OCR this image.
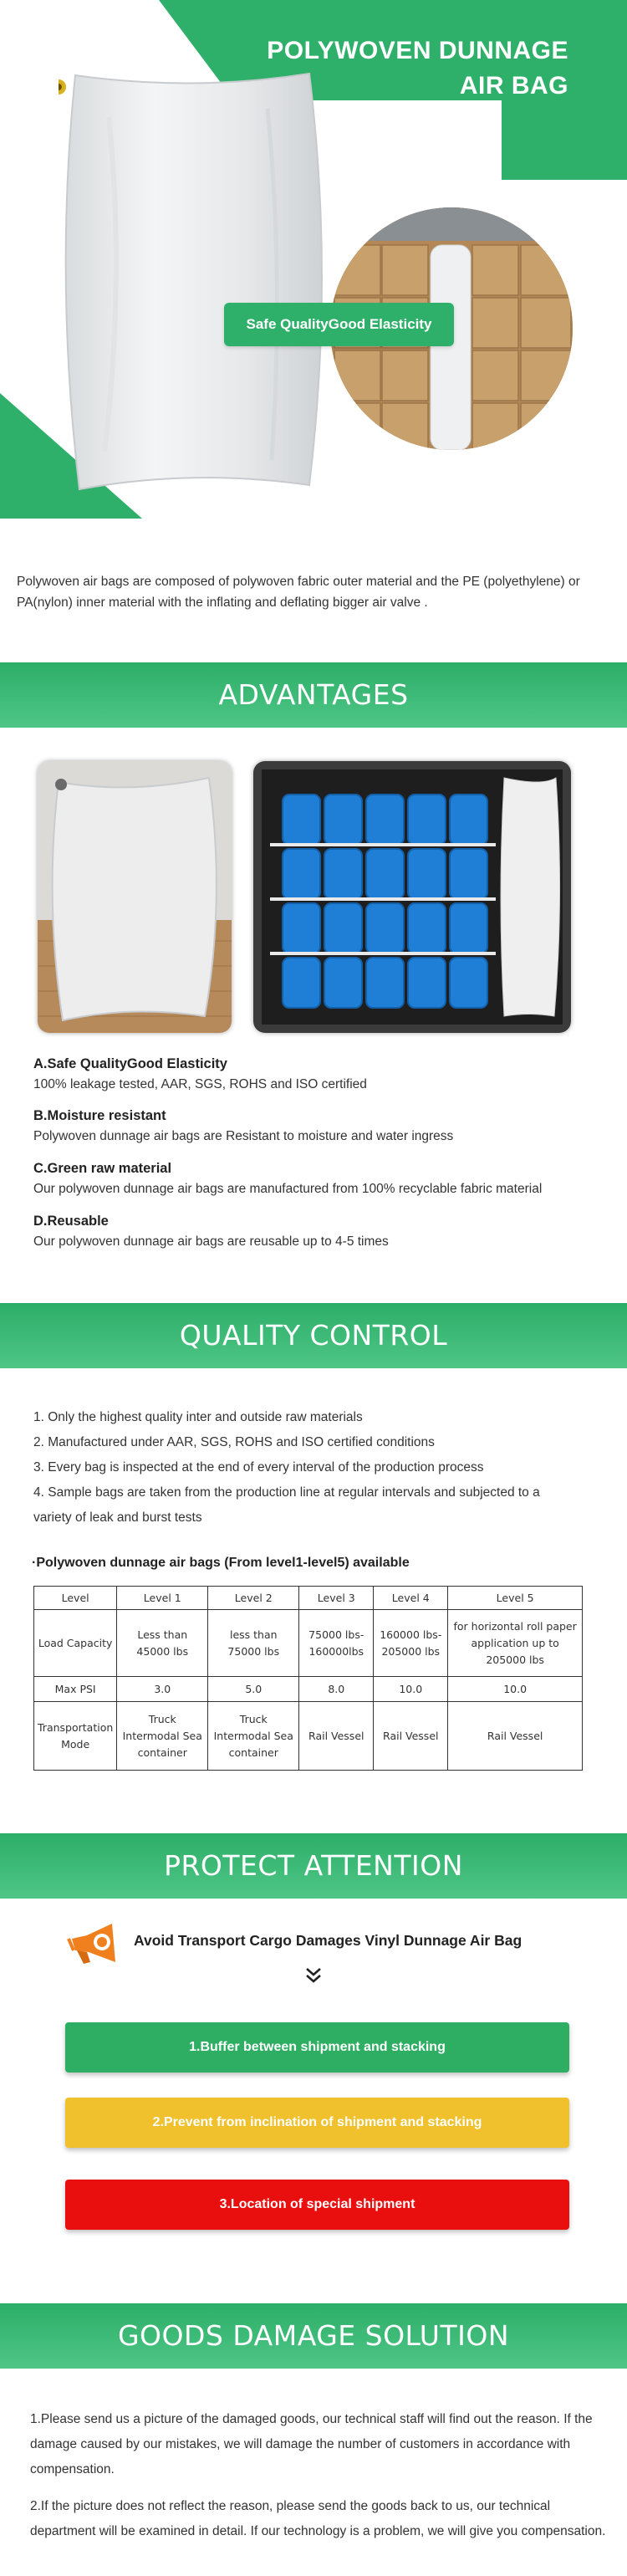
POLYWOVEN DUNNAGE
AIR BAG
Safe QualityGood Elasticity
Polywoven air bags are composed of polywoven fabric outer material and the PE (polyethylene) or PA(nylon) inner material with the inflating and deflating bigger air valve .
ADVANTAGES
A.Safe QualityGood Elasticity
100% leakage tested, AAR, SGS, ROHS and ISO certified
B.Moisture resistant
Polywoven dunnage air bags are Resistant to moisture and water ingress
C.Green raw material
Our polywoven dunnage air bags are manufactured from 100% recyclable fabric material
D.Reusable
Our polywoven dunnage air bags are reusable up to 4-5 times
QUALITY CONTROL
1. Only the highest quality inter and outside raw materials
2. Manufactured under AAR, SGS, ROHS and ISO certified conditions
3. Every bag is inspected at the end of every interval of the production process
4. Sample bags are taken from the production line at regular intervals and subjected to a variety of leak and burst tests
·Polywoven dunnage air bags (From level1-level5) available
Level	Level 1	Level 2	Level 3	Level 4	Level 5
Load Capacity	Less than 45000 lbs	less than 75000 lbs	75000 lbs-160000lbs	160000 lbs-205000 lbs	for horizontal roll paper application up to 205000 lbs
Max PSI	3.0	5.0	8.0	10.0	10.0
Transportation Mode	Truck Intermodal Sea container	Truck Intermodal Sea container	Rail Vessel	Rail Vessel	Rail Vessel
PROTECT ATTENTION
Avoid Transport Cargo Damages Vinyl Dunnage Air Bag
1.Buffer between shipment and stacking
2.Prevent from inclination of shipment and stacking
3.Location of special shipment
GOODS DAMAGE SOLUTION
1.Please send us a picture of the damaged goods, our technical staff will find out the reason. If the damage caused by our mistakes, we will damage the number of customers in accordance with compensation.
2.If the picture does not reflect the reason, please send the goods back to us, our technical department will be examined in detail. If our technology is a problem, we will give you compensation.
